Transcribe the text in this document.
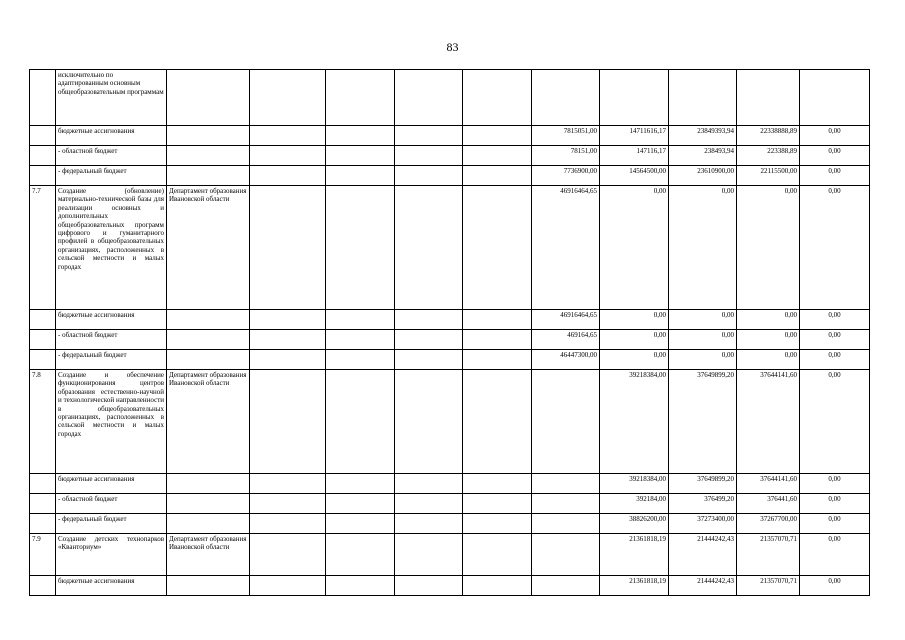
83
	исключительно по адаптированным основным общеобразовательным программам										
	бюджетные ассигнования						7815051,00	14711616,17	23849393,94	22338888,89	0,00
	- областной бюджет						78151,00	147116,17	238493,94	223388,89	0,00
	- федеральный бюджет						7736900,00	14564500,00	23610900,00	22115500,00	0,00
7.7	Создание (обновление) материально-технической базы для реализации основных и дополнительных общеобразовательных программ цифрового и гуманитарного профилей в общеобразовательных организациях, расположенных в сельской местности и малых городах	Департамент образования Ивановской области					46916464,65	0,00	0,00	0,00	0,00
	бюджетные ассигнования						46916464,65	0,00	0,00	0,00	0,00
	- областной бюджет						469164,65	0,00	0,00	0,00	0,00
	- федеральный бюджет						46447300,00	0,00	0,00	0,00	0,00
7.8	Создание и обеспечение функционирования центров образования естественно-научной и технологической направленности в общеобразовательных организациях, расположенных в сельской местности и малых городах	Департамент образования Ивановской области						39218384,00	37649899,20	37644141,60	0,00
	бюджетные ассигнования							39218384,00	37649899,20	37644141,60	0,00
	- областной бюджет							392184,00	376499,20	376441,60	0,00
	- федеральный бюджет							38826200,00	37273400,00	37267700,00	0,00
7.9	Создание детских технопарков «Кванториум»	Департамент образования Ивановской области						21361818,19	21444242,43	21357070,71	0,00
	бюджетные ассигнования							21361818,19	21444242,43	21357070,71	0,00
